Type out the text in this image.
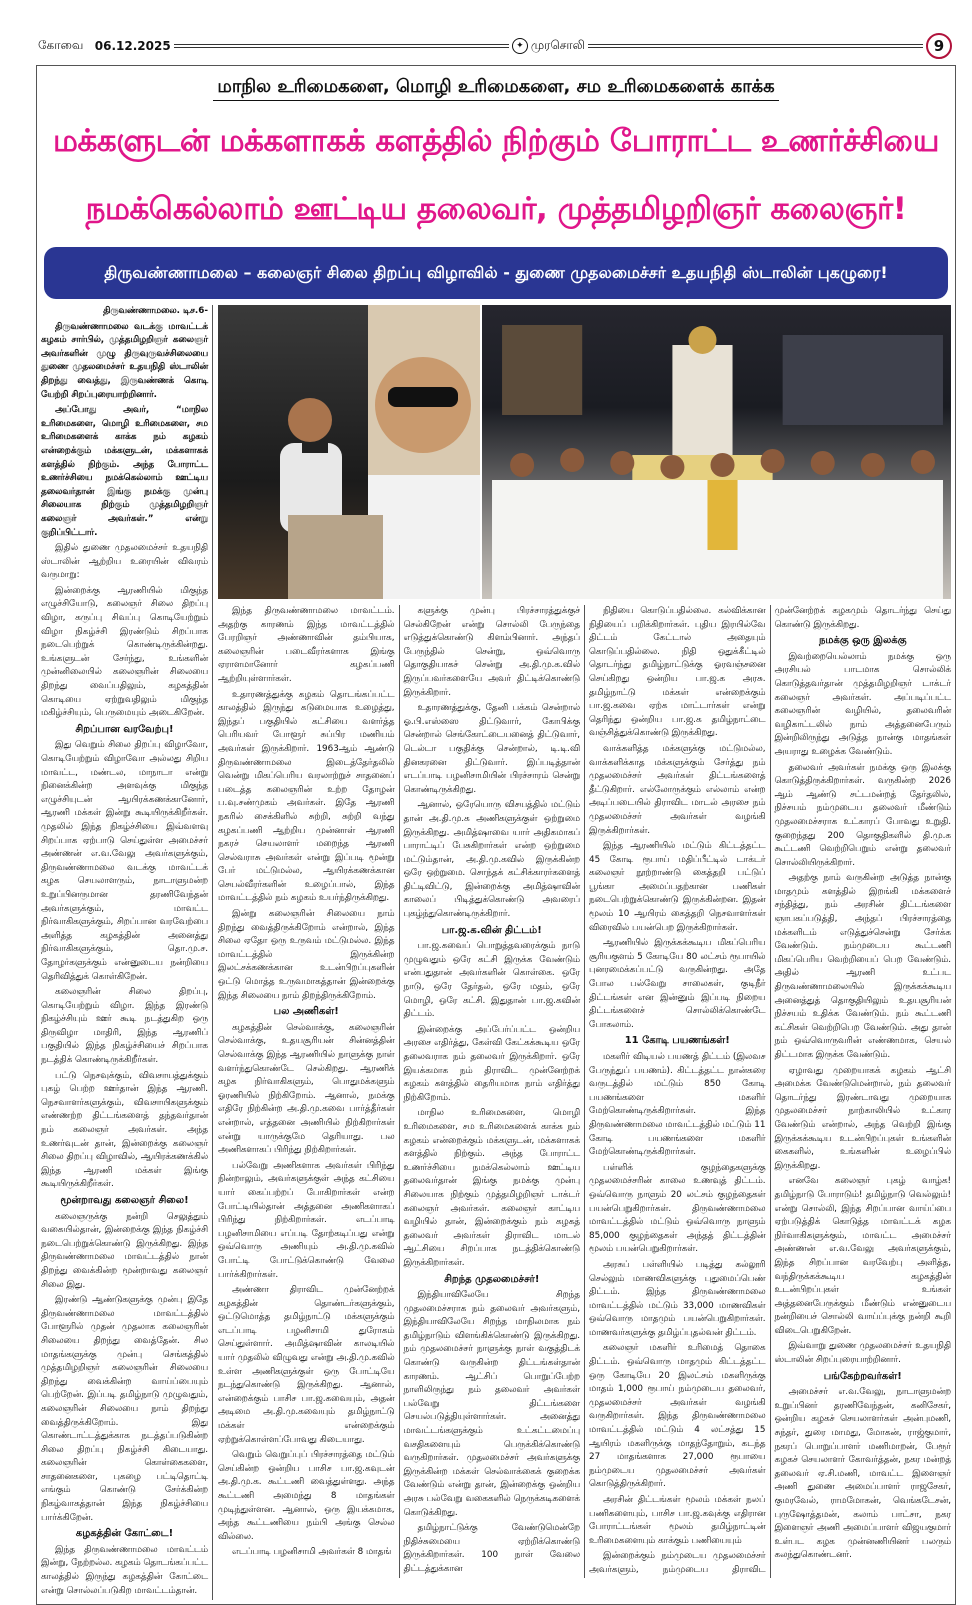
கோவை
06.12.2025	✦ முரசொலி	9
மாநில உரிமைகளை, மொழி உரிமைகளை, சம உரிமைகளைக் காக்க
மக்களுடன் மக்களாகக் களத்தில் நிற்கும் போராட்ட உணர்ச்சியை
நமக்கெல்லாம் ஊட்டிய தலைவர், முத்தமிழறிஞர் கலைஞர்!
திருவண்ணாமலை – கலைஞர் சிலை திறப்பு விழாவில் - துணை முதலமைச்சர் உதயநிதி ஸ்டாலின் புகழுரை!

திருவண்ணாமலை. டிச.6-

திருவண்ணாமலை வடக்கு மாவட்டக் கழகம் சார்பில், முத்தமிழறிஞர் கலைஞர் அவர்களின் முழு திருவுருவச்சிலையை துணை முதலமைச்சர் உதயநிதி ஸ்டாலின் திறந்து வைத்து, இருவண்ணக் கொடி யேற்றி சிறப்புரையாற்றினார்.

அப்போது அவர், “மாநில உரிமைகளை, மொழி உரிமைகளை, சம உரிமைகளைக் காக்க நம் கழகம் என்றைக்கும் மக்களுடன், மக்களாகக் களத்தில் நிற்கும். அந்த போராட்ட உணர்ச்சியை நமக்கெல்லாம் ஊட்டிய தலைவர்தான் இங்கு நமக்கு முன்பு சிலையாக நிற்கும் முத்தமிழறிஞர் கலைஞர் அவர்கள்.” என்று குறிப்பிட்டார்.

இதில் துணை முதலமைச்சர் உதயநிதி ஸ்டாலின் ஆற்றிய உரையின் விவரம் வருமாறு:

இன்றைக்கு ஆரணியில் மிகுந்த எழுச்சியோடு, கலைஞர் சிலை திறப்பு விழா, கருப்பு சிவப்பு கொடியேற்றும் விழா நிகழ்ச்சி இரண்டும் சிறப்பாக நடைபெற்றுக் கொண்டிருக்கின்றது. உங்களுடன் சேர்ந்து, உங்களின் முன்னிலையில் கலைஞரின் சிலையை திறந்து வைப்பதிலும், கழகத்தின் கொடியை ஏற்றுவதிலும் மிகுந்த மகிழ்ச்சியும், பெருமையும் அடைகிறேன்.

சிறப்பான வரவேற்பு!

இது வெறும் சிலை திறப்பு விழாவோ, கொடியேற்றும் விழாவோ அல்லது சிறிய மாவட்ட, மண்டல, மாநாடா என்று நினைக்கின்ற அளவுக்கு மிகுந்த எழுச்சியுடன் ஆயிரக்கணக்கானோர், ஆரணி மக்கள் இன்று கூடியிருக்கிறீர்கள். முதலில் இந்த நிகழ்ச்சியை இவ்வளவு சிறப்பாக ஏற்பாடு செய்துள்ள அமைச்சர் அண்ணன் எ.வ.வேலு அவர்களுக்கும், திருவண்ணாமலை வடக்கு மாவட்டக் கழக செயலாளரும், நாடாளுமன்ற உறுப்பினருமான தரணிவேந்தன் அவர்களுக்கும், மாவட்ட நிர்வாகிகளுக்கும், சிறப்பான வரவேற்பை அளித்த கழகத்தின் அனைத்து நிர்வாகிகளுக்கும், தொ.மு.ச. தோழர்களுக்கும் என்னுடைய நன்றியை தெரிவித்துக் கொள்கிறேன்.

கலைஞரின் சிலை திறப்பு, கொடியேற்றும் விழா. இந்த இரண்டு நிகழ்ச்சியும் ஊர் கூடி நடத்துகிற ஒரு திருவிழா மாதிரி, இந்த ஆரணிப் பகுதியில் இந்த நிகழ்ச்சியைச் சிறப்பாக நடத்திக் கொண்டிருக்கிறீர்கள்.

பட்டு நெசவுக்கும், விவசாயத்துக்கும் புகழ் பெற்ற ஊர்தான் இந்த ஆரணி. நெசவாளர்களுக்கும், விவசாயிகளுக்கும் எண்ணற்ற திட்டங்களைத் தந்தவர்தான் நம் கலைஞர் அவர்கள். அந்த உணர்வுடன் தான், இன்றைக்கு கலைஞர் சிலை திறப்பு விழாவில், ஆயிரக்கணக்கில் இந்த ஆரணி மக்கள் இங்கு கூடியிருக்கிறீர்கள்.

மூன்றாவது கலைஞர் சிலை!

கலைஞருக்கு நன்றி செலுத்தும் வகையில்தான், இன்றைக்கு இந்த நிகழ்ச்சி நடைபெற்றுக்கொண்டு இருக்கிறது. இந்த திருவண்ணாமலை மாவட்டத்தில் நான் திறந்து வைக்கின்ற மூன்றாவது கலைஞர் சிலை இது.

இரண்டு ஆண்டுகளுக்கு முன்பு இதே திருவண்ணாமலை மாவட்டத்தில் போளூரில் முதன் முதலாக கலைஞரின் சிலையை திறந்து வைத்தேன். சில மாதங்களுக்கு முன்பு செங்கத்தில் முத்தமிழறிஞர் கலைஞரின் சிலையை திறந்து வைக்கின்ற வாய்ப்பையும் பெற்றேன். இப்படி தமிழ்நாடு முழுவதும், கலைஞரின் சிலையை நாம் திறந்து வைத்திருக்கிறோம். இது கொண்டாட்டத்துக்காக நடத்தப்படுகின்ற சிலை திறப்பு நிகழ்ச்சி கிடையாது. கலைஞரின் கொள்கைகளை, சாதனைகளை, புகழை பட்டிதொட்டி எங்கும் கொண்டு சேர்க்கின்ற நிகழ்வாகத்தான் இந்த நிகழ்ச்சியை பார்க்கிறேன்.

கழகத்தின் கோட்டை!

இந்த திருவண்ணாமலை மாவட்டம் இன்று, நேற்றல்ல. கழகம் தொடங்கப்பட்ட காலத்தில் இருந்து கழகத்தின் கோட்டை என்று சொல்லப்படுகிற மாவட்டம்தான்.

இந்த திருவண்ணாமலை மாவட்டம். அதற்கு காரணம் இந்த மாவட்டத்தில் பேரறிஞர் அண்ணாவின் தம்பியாக, கலைஞரின் படைவீரர்களாக இங்கு ஏராளமானோர் கழகப்பணி ஆற்றியுள்ளார்கள்.

உதாரணத்துக்கு கழகம் தொடங்கப்பட்ட காலத்தில் இருந்து கடுமையாக உழைத்து, இந்தப் பகுதியில் கட்சியை வளர்த்த பெரியவர் போளூர் சுப்பிர மணியம் அவர்கள் இருக்கிறார். 1963ஆம் ஆண்டு திருவண்ணாமலை இடைத்தேர்தலில் வென்று மிகப்பெரிய வரலாற்றுச் சாதனைப் படைத்த கலைஞரின் உற்ற தோழன் ப.வு.சண்முகம் அவர்கள். இதே ஆரணி நகரில் சைக்கிளில் சுற்றி, சுற்றி வந்து கழகப்பணி ஆற்றிய முன்னாள் ஆரணி நகரச் செயலாளர் மறைந்த ஆரணி செல்வராசு அவர்கள் என்று இப்படி மூன்று பேர் மட்டுமல்ல, ஆயிரக்கணக்கான செயல்வீரர்களின் உழைப்பால், இந்த மாவட்டத்தில் நம் கழகம் உயர்ந்திருக்கிறது.

இன்று கலைஞரின் சிலையை நாம் திறந்து வைத்திருக்கிறோம் என்றால், இந்த சிலை ஏதோ ஒரு உருவம் மட்டுமல்ல. இந்த மாவட்டத்தில் இருக்கின்ற இலட்சக்கணக்கான உடன்பிறப்புகளின் ஒட்டு மொத்த உருவமாகத்தான் இன்றைக்கு இந்த சிலையை நாம் திறந்திருக்கிறோம்.

பல அணிகள்!

கழகத்தின் செல்வாக்கு, கலைஞரின் செல்வாக்கு, உதயசூரியன் சின்னத்தின் செல்வாக்கு இந்த ஆரணியில் நாளுக்கு நாள் வளர்ந்துகொண்டே செல்கிறது. ஆரணிக் கழக நிர்வாகிகளும், பொதுமக்களும் ஓரணியில் நிற்கிறோம். ஆனால், நமக்கு எதிரே நிற்கின்ற அ.தி.மு.கவை பார்த்தீர்கள் என்றால், எத்தனை அணியில் நிற்கிறார்கள் என்று யாருக்குமே தெரியாது. பல அணிகளாகப் பிரிந்து நிற்கிறார்கள்.

பல்வேறு அணிகளாக அவர்கள் பிரிந்து நின்றாலும், அவர்களுக்குள் அந்த கட்சியை யார் கைப்பற்றப் போகிறார்கள் என்ற போட்டியில்தான் அத்தனை அணிகளாகப் பிரிந்து நிற்கிறார்கள். எடப்பாடி பழனிசாமியை எப்படி தோற்கடிப்பது என்று ஒவ்வொரு அணியும் அ.தி.மு.கவில் போட்டி போட்டுக்கொண்டு வேலை பார்க்கிறார்கள்.

அண்ணா திராவிட முன்னேற்றக் கழகத்தின் தொண்டர்களுக்கும், ஒட்டுமொத்த தமிழ்நாட்டு மக்களுக்கும் எடப்பாடி பழனிசாமி துரோகம் செய்துள்ளார். அமித்ஷாவின் காலடியில் யார் முதலில் விழுவது என்று அ.தி.மு.கவில் உள்ள அணிகளுக்குள் ஒரு போட்டியே நடந்துகொண்டு இருக்கிறது. ஆனால், என்றைக்கும் பாசிச பா.ஜ.கவையும், அதன் அடிமை அ.தி.மு.கவையும் தமிழ்நாட்டு மக்கள் என்றைக்கும் ஏற்றுக்கொள்ளப்போவது கிடையாது.

வெறும் வெறுப்புப் பிரச்சாரத்தை மட்டும் செய்கின்ற ஒன்றிய பாசிச பா.ஜ.கவுடன் அ.தி.மு.க. கூட்டணி வைத்துள்ளது. அந்த கூட்டணி அமைந்து 8 மாதங்கள் முடிந்துள்ளன. ஆனால், ஒரு இயக்கமாக, அந்த கூட்டணியை நம்பி அங்கு செல்ல வில்லை.

எடப்பாடி பழனிசாமி அவர்கள் 8 மாதங்

களுக்கு முன்பு பிரச்சாரத்துக்குச் செல்கிறேன் என்று சொல்லி பேருந்தை எடுத்துக்கொண்டு கிளம்பினார். அந்தப் பேருந்தில் சென்று, ஒவ்வொரு தொகுதியாகச் சென்று அ.தி.மு.க.வில் இருப்பவர்களையே அவர் திட்டிக்கொண்டு இருக்கிறார்.

உதாரணத்துக்கு, தேனி பக்கம் சென்றால் ஓ.பி.எஸ்ஸை திட்டுவார், கோபிக்கு சென்றால் செங்கோட்டையனைத் திட்டுவார், டெல்டா பகுதிக்கு சென்றால், டி.டி.வி தினகரனை திட்டுவார். இப்படித்தான் எடப்பாடி பழனிசாமியின் பிரச்சாரம் சென்று கொண்டிருக்கிறது.

ஆனால், ஒரேயொரு விசயத்தில் மட்டும் தான் அ.தி.மு.க அணிகளுக்குள் ஒற்றுமை இருக்கிறது. அமித்ஷாவை யார் அதிகமாகப் பாராட்டிப் பேசுகிறார்கள் என்ற ஒற்றுமை மட்டும்தான், அ.தி.மு.கவில் இருக்கின்ற ஒரே ஒற்றுமை. சொந்தக் கட்சிக்காரர்களைத் திட்டிவிட்டு, இன்றைக்கு அமித்ஷாவின் காலைப் பிடித்துக்கொண்டு அவரைப் புகழ்ந்துகொண்டிருக்கிறார்.

பா.ஜ.க.வின் திட்டம்!

பா.ஜ.கவைப் பொறுத்தவரைக்கும் நாடு முழுவதும் ஒரே கட்சி இருக்க வேண்டும் என்பதுதான் அவர்களின் கொள்கை. ஒரே நாடு, ஒரே தேர்தல், ஒரே மதம், ஒரே மொழி, ஒரே கட்சி. இதுதான் பா.ஜ.கவின் திட்டம்.

இன்றைக்கு அப்பேர்ப்பட்ட ஒன்றிய அரசை எதிர்த்து, கேள்வி கேட்கக்கூடிய ஒரே தலைவராக நம் தலைவர் இருக்கிறார். ஒரே இயக்கமாக நம் திராவிட முன்னேற்றக் கழகம் களத்தில் தைரியமாக நாம் எதிர்த்து நிற்கிறோம்.

மாநில உரிமைகளை, மொழி உரிமைகளை, சம உரிமைகளைக் காக்க நம் கழகம் என்றைக்கும் மக்களுடன், மக்களாகக் களத்தில் நிற்கும். அந்த போராட்ட உணர்ச்சியை நமக்கெல்லாம் ஊட்டிய தலைவர்தான் இங்கு நமக்கு முன்பு சிலையாக நிற்கும் முத்தமிழறிஞர் டாக்டர் கலைஞர் அவர்கள். கலைஞர் காட்டிய வழியில் தான், இன்றைக்கும் நம் கழகத் தலைவர் அவர்கள் திராவிட மாடல் ஆட்சியை சிறப்பாக நடத்திக்கொண்டு இருக்கிறார்கள்.

சிறந்த முதலமைச்சர்!

இந்தியாவிலேயே சிறந்த முதலமைச்சராக நம் தலைவர் அவர்களும், இந்தியாவிலேயே சிறந்த மாநிலமாக நம் தமிழ்நாடும் விளங்கிக்கொண்டு இருக்கிறது. நம் முதலமைச்சர் நாளுக்கு நாள் வகுத்திடக் கொண்டு வருகின்ற திட்டங்கள்தான் காரணம். ஆட்சிப் பொறுப்பேற்ற நாளிலிருந்து நம் தலைவர் அவர்கள் பல்வேறு திட்டங்களை செயல்படுத்தியுள்ளார்கள். அனைத்து மாவட்டங்களுக்கும் உட்கட்டமைப்பு வசதிகளையும் பெருக்கிக்கொண்டு வருகிறார்கள். முதலமைச்சர் அவர்களுக்கு இருக்கின்ற மக்கள் செல்வாக்கைக் குறைக்க வேண்டும் என்று தான், இன்றைக்கு ஒன்றிய அரசு பல்வேறு வகைகளில் நெருக்கடிகளைக் கொடுக்கிறது.

தமிழ்நாட்டுக்கு வேண்டுமென்றே நிதிச்சுமையை ஏற்றிக்கொண்டு இருக்கிறார்கள். 100 நாள் வேலை திட்டத்துக்கான

நிதியை கொடுப்பதில்லை. கல்விக்கான நிதியைப் பறிக்கிறார்கள். புதிய இரயில்வே திட்டம் கேட்டால் அதையும் கொடுப்பதில்லை. நிதி ஒதுக்கீட்டில் தொடர்ந்து தமிழ்நாட்டுக்கு ஓரவஞ்சனை செய்கிறது ஒன்றிய பா.ஜ.க அரசு. தமிழ்நாட்டு மக்கள் என்றைக்கும் பா.ஜ.கவை ஏற்க மாட்டார்கள் என்று தெரிந்து ஒன்றிய பா.ஜ.க தமிழ்நாட்டை வஞ்சித்துக்கொண்டு இருக்கிறது.

வாக்களித்த மக்களுக்கு மட்டுமல்ல, வாக்களிக்காத மக்களுக்கும் சேர்த்து நம் முதலமைச்சர் அவர்கள் திட்டங்களைத் தீட்டுகிறார். எல்லோருக்கும் எல்லாம் என்ற அடிப்படையில் திராவிட மாடல் அரசை நம் முதலமைச்சர் அவர்கள் வழங்கி இருக்கிறார்கள்.

இந்த ஆரணியில் மட்டும் கிட்டத்தட்ட 45 கோடி ரூபாய் மதிப்பீட்டில் டாக்டர் கலைஞர் நூற்றாண்டு கைத்தறி பட்டுப் பூங்கா அமைப்பதற்கான பணிகள் நடைபெற்றுக்கொண்டு இருக்கின்றன. இதன் மூலம் 10 ஆயிரம் கைத்தறி நெசவாளர்கள் விரைவில் பயன்பெற இருக்கிறார்கள்.

ஆரணியில் இருக்கக்கூடிய மிகப்பெரிய சூரியகுளம் 5 கோடியே 80 லட்சம் ரூபாயில் புனரமைக்கப்பட்டு வருகின்றது. அதே போல பல்வேறு சாலைகள், குடிநீர் திட்டங்கள் என இன்னும் இப்படி நிறைய திட்டங்களைச் சொல்லிக்கொண்டே போகலாம்.

11 கோடி பயணங்கள்!

மகளிர் விடியல் பயணத் திட்டம் (இலவச பேருந்துப் பயணம்). கிட்டத்தட்ட நான்கரை வருடத்தில் மட்டும் 850 கோடி பயணங்களை மகளிர் மேற்கொண்டிருக்கிறார்கள். இந்த திருவண்ணாமலை மாவட்டத்தில் மட்டும் 11 கோடி பயணங்களை மகளிர் மேற்கொண்டிருக்கிறார்கள்.

பள்ளிக் குழந்தைகளுக்கு முதலமைச்சரின் காலை உணவுத் திட்டம். ஒவ்வொரு நாளும் 20 லட்சம் குழந்தைகள் பயன்பெறுகிறார்கள். திருவண்ணாமலை மாவட்டத்தில் மட்டும் ஒவ்வொரு நாளும் 85,000 குழந்தைகள் அந்தத் திட்டத்தின் மூலம் பயன்பெறுகிறார்கள்.

அரசுப் பள்ளியில் படித்து கல்லூரி செல்லும் மாணவிகளுக்கு புதுமைப்பெண் திட்டம். இந்த திருவண்ணாமலை மாவட்டத்தில் மட்டும் 33,000 மாணவிகள் ஒவ்வொரு மாதமும் பயன்பெறுகிறார்கள். மாணவர்களுக்கு தமிழ்ப்புதல்வன் திட்டம்.

கலைஞர் மகளிர் உரிமைத் தொகை திட்டம். ஒவ்வொரு மாதமும் கிட்டத்தட்ட ஒரு கோடியே 20 இலட்சம் மகளிருக்கு மாதம் 1,000 ரூபாய் நம்முடைய தலைவர், முதலமைச்சர் அவர்கள் வழங்கி வருகிறார்கள். இந்த திருவண்ணாமலை மாவட்டத்தில் மட்டும் 4 லட்சத்து 15 ஆயிரம் மகளிருக்கு மாதந்தோறும், கடந்த 27 மாதங்களாக 27,000 ரூபாயை நம்முடைய முதலமைச்சர் அவர்கள் கொடுத்திருக்கிறார்.

அரசின் திட்டங்கள் மூலம் மக்கள் நலப் பணிகளையும், பாசிச பா.ஜ.கவுக்கு எதிரான போராட்டங்கள் மூலம் தமிழ்நாட்டின் உரிமைகளையும் காக்கும் பணியையும்

இன்றைக்கும் நம்முடைய முதலமைச்சர் அவர்களும், நம்முடைய திராவிட முன்னேற்றக் கழகமும் தொடர்ந்து செய்து கொண்டு இருக்கிறது.

நமக்கு ஒரு இலக்கு

இவற்றையெல்லாம் நமக்கு ஒரு அரசியல் பாடமாக சொல்லிக் கொடுத்தவர்தான் முத்தமிழறிஞர் டாக்டர் கலைஞர் அவர்கள். அப்படிப்பட்ட கலைஞரின் வழியில், தலைவரின் வழிகாட்டலில் நாம் அத்தனைபேரும் இன்றிலிருந்து அடுத்த நான்கு மாதங்கள் அயராது உழைக்க வேண்டும்.

தலைவர் அவர்கள் நமக்கு ஒரு இலக்கு கொடுத்திருக்கிறார்கள். வருகின்ற 2026 ஆம் ஆண்டு சட்டமன்றத் தேர்தலில், நிச்சயம் நம்முடைய தலைவர் மீண்டும் முதலமைச்சராக உட்காரப் போவது உறுதி. குறைந்தது 200 தொகுதிகளில் தி.மு.க கூட்டணி வெற்றிபெறும் என்று தலைவர் சொல்லியிருக்கிறார்.

அதற்கு நாம் வருகின்ற அடுத்த நான்கு மாதமும் களத்தில் இறங்கி மக்களைச் சந்தித்து, நம் அரசின் திட்டங்களை ஞாபகப்படுத்தி, அந்தப் பிரச்சாரத்தை மக்களிடம் எடுத்துச்சென்று சேர்க்க வேண்டும். நம்முடைய கூட்டணி மிகப்பெரிய வெற்றியைப் பெற வேண்டும். அதில் ஆரணி உட்பட திருவண்ணாமலையில் இருக்கக்கூடிய அனைத்துத் தொகுதியிலும் உதயசூரியன் நிச்சயம் உதிக்க வேண்டும். நம் கூட்டணி கட்சிகள் வெற்றிபெற வேண்டும். அது தான் நம் ஒவ்வொருவரின் எண்ணமாக, செயல் திட்டமாக இருக்க வேண்டும்.

ஏழாவது முறையாகக் கழகம் ஆட்சி அமைக்க வேண்டுமென்றால், நம் தலைவர் தொடர்ந்து இரண்டாவது முறையாக முதலமைச்சர் நாற்காலியில் உட்கார வேண்டும் என்றால், அந்த வெற்றி இங்கு இருக்கக்கூடிய உடன்பிறப்புகள் உங்களின் கைகளில், உங்களின் உழைப்பில் இருக்கிறது.

எனவே கலைஞர் புகழ் வாழ்க! தமிழ்நாடு போராடும்! தமிழ்நாடு வெல்லும்! என்று சொல்லி, இந்த சிறப்பான வாய்ப்பை ஏற்படுத்திக் கொடுத்த மாவட்டக் கழக நிர்வாகிகளுக்கும், மாவட்ட அமைச்சர் அண்ணன் எ.வ.வேலு அவர்களுக்கும், இந்த சிறப்பான வரவேற்பு அளித்த, வந்திருக்கக்கூடிய கழகத்தின் உடன்பிறப்புகள் உங்கள் அத்தனைபேருக்கும் மீண்டும் என்னுடைய நன்றியைச் சொல்லி வாய்ப்புக்கு நன்றி கூறி விடைபெறுகிறேன்.

இவ்வாறு துணை முதலமைச்சர் உதயநிதி ஸ்டாலின் சிறப்புரையாற்றினார்.

பங்கேற்றவர்கள்!

அமைச்சர் எ.வ.வேலு, நாடாளுமன்ற உறுப்பினர் தரணிவேந்தன், கனிசேகர், ஒன்றிய கழகச் செயலாளர்கள் அன்புமணி, சுந்தர், துரை மாமது, மோகன், ராஜ்குமார், நகரப் பொறுப்பாளர் மணிமாறன், பேரூர் கழகச் செயலாளர் கோவர்த்தன், நகர மன்றத் தலைவர் ஏ.சி.மணி, மாவட்ட இளைஞர் அணி துணை அமைப்பாளர் ராஜசேகர், குமரவேல், ராமமோகன், வெங்கடேசன், புருஷோத்தமன், கலாம் பாட்சா, நகர இளைஞர் அணி அமைப்பாளர் விஜயகுமார் உள்பட கழக முன்னணியினர் பலரும் கலந்துகொண்டனர்.
